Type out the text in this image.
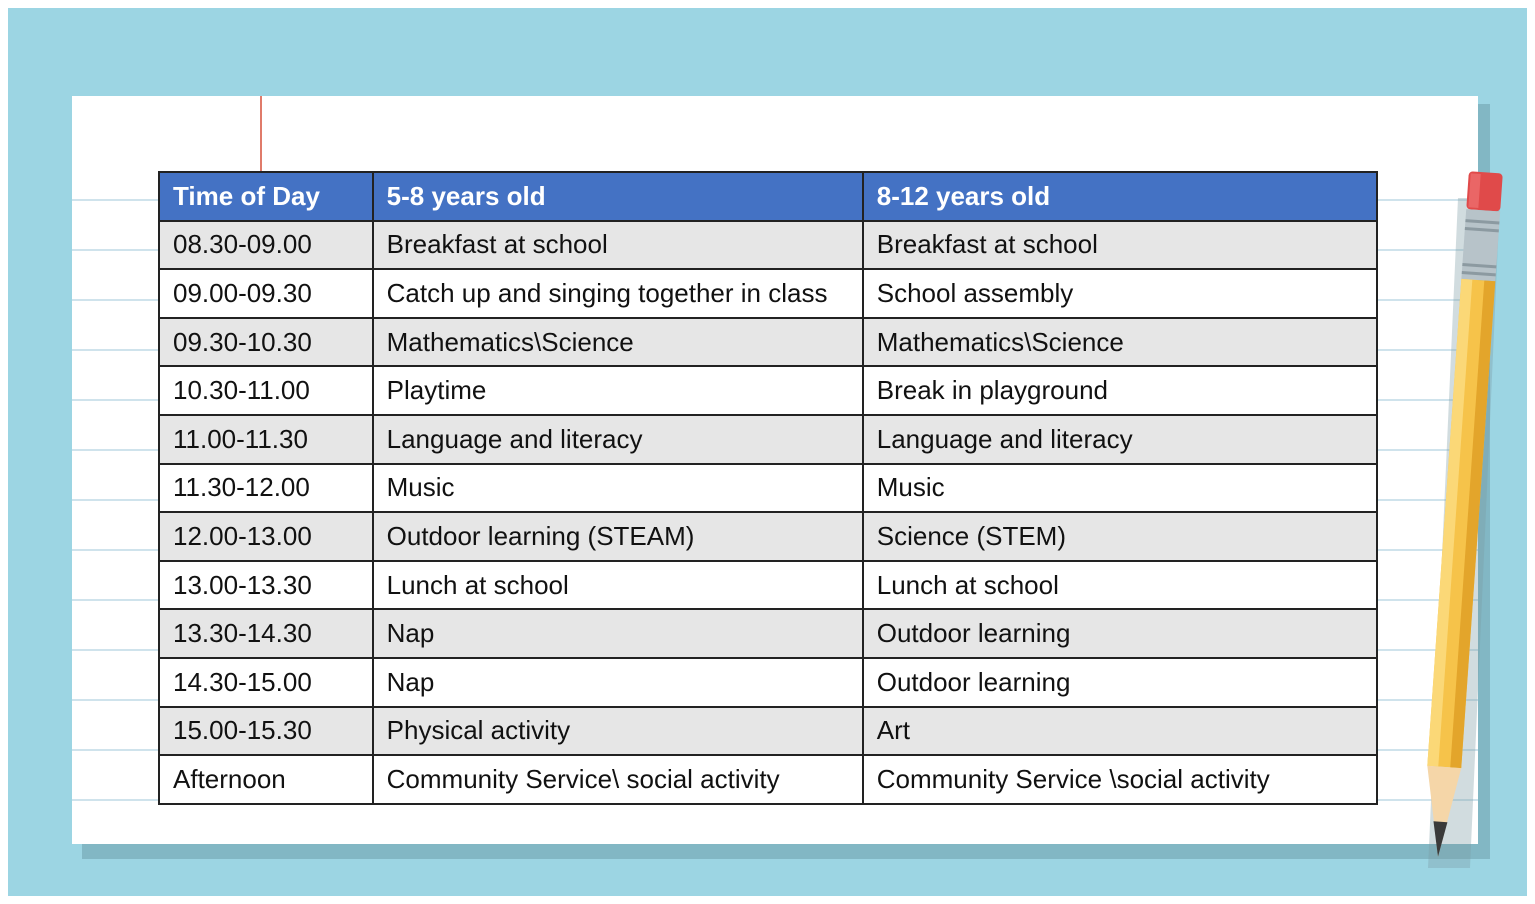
Time of Day	5-8 years old	8-12 years old
08.30-09.00	Breakfast at school	Breakfast at school
09.00-09.30	Catch up and singing together in class	School assembly
09.30-10.30	Mathematics\Science	Mathematics\Science
10.30-11.00	Playtime	Break in playground
11.00-11.30	Language and literacy	Language and literacy
11.30-12.00	Music	Music
12.00-13.00	Outdoor learning (STEAM)	Science (STEM)
13.00-13.30	Lunch at school	Lunch at school
13.30-14.30	Nap	Outdoor learning
14.30-15.00	Nap	Outdoor learning
15.00-15.30	Physical activity	Art
Afternoon	Community Service\ social activity	Community Service \social activity
